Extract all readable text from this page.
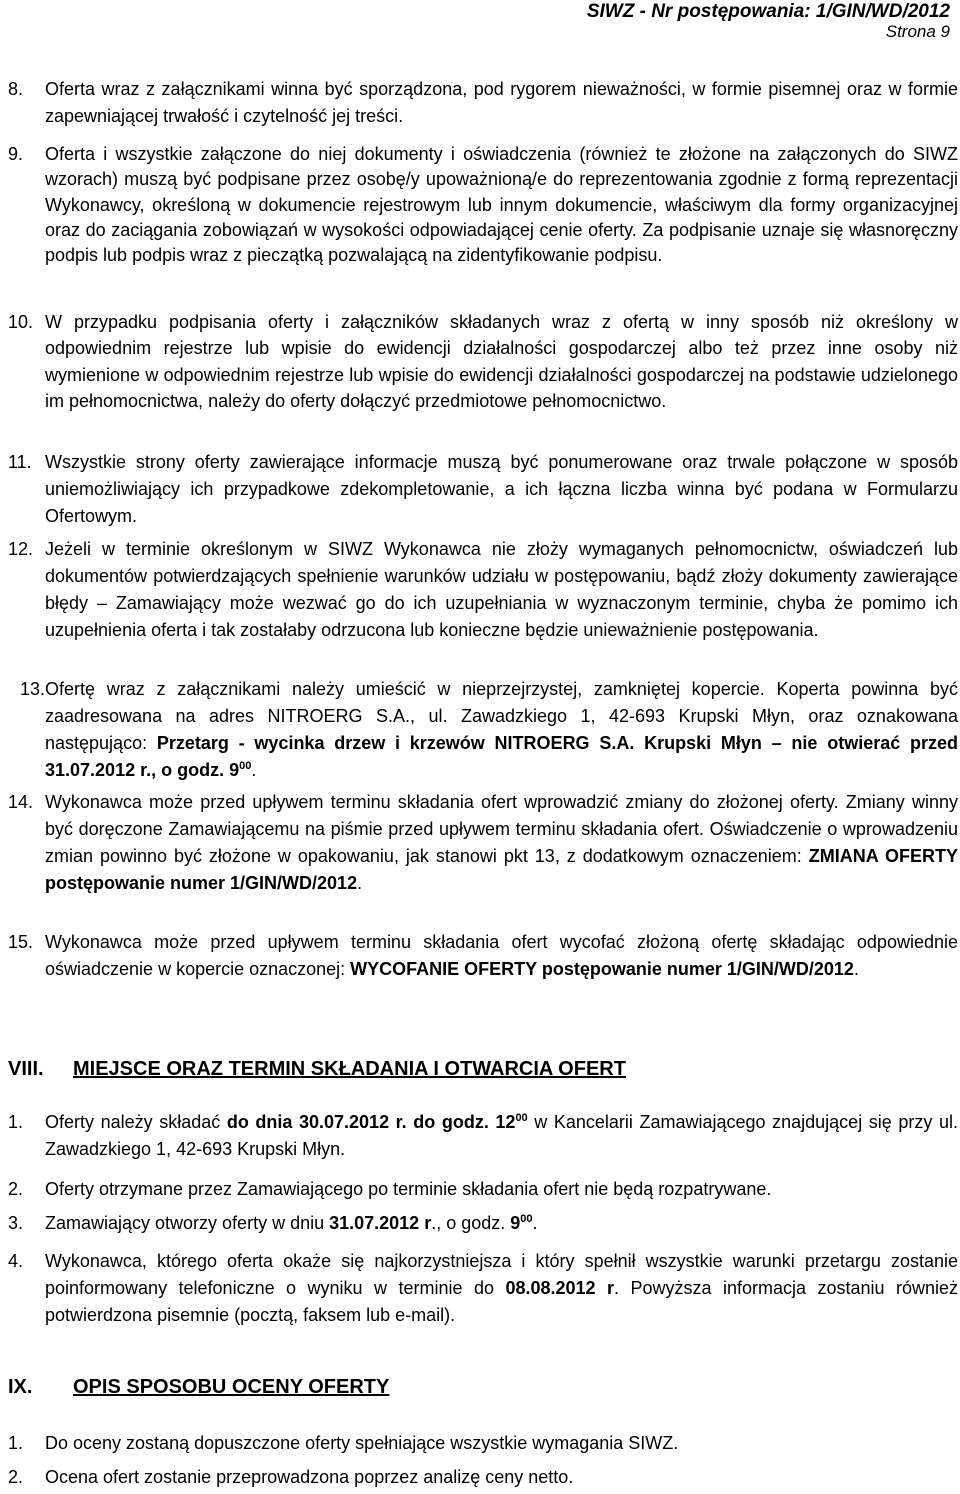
SIWZ - Nr postępowania: 1/GIN/WD/2012
Strona 9
8. Oferta wraz z załącznikami winna być sporządzona, pod rygorem nieważności, w formie pisemnej oraz w formie zapewniającej trwałość i czytelność jej treści.
9. Oferta i wszystkie załączone do niej dokumenty i oświadczenia (również te złożone na załączonych do SIWZ wzorach) muszą być podpisane przez osobę/y upoważnioną/e do reprezentowania zgodnie z formą reprezentacji Wykonawcy, określoną w dokumencie rejestrowym lub innym dokumencie, właściwym dla formy organizacyjnej oraz do zaciągania zobowiązań w wysokości odpowiadającej cenie oferty. Za podpisanie uznaje się własnoręczny podpis lub podpis wraz z pieczątką pozwalającą na zidentyfikowanie podpisu.
10. W przypadku podpisania oferty i załączników składanych wraz z ofertą w inny sposób niż określony w odpowiednim rejestrze lub wpisie do ewidencji działalności gospodarczej albo też przez inne osoby niż wymienione w odpowiednim rejestrze lub wpisie do ewidencji działalności gospodarczej na podstawie udzielonego im pełnomocnictwa, należy do oferty dołączyć przedmiotowe pełnomocnictwo.
11. Wszystkie strony oferty zawierające informacje muszą być ponumerowane oraz trwale połączone w sposób uniemożliwiający ich przypadkowe zdekompletowanie, a ich łączna liczba winna być podana w Formularzu Ofertowym.
12. Jeżeli w terminie określonym w SIWZ Wykonawca nie złoży wymaganych pełnomocnictw, oświadczeń lub dokumentów potwierdzających spełnienie warunków udziału w postępowaniu, bądź złoży dokumenty zawierające błędy – Zamawiający może wezwać go do ich uzupełniania w wyznaczonym terminie, chyba że pomimo ich uzupełnienia oferta i tak zostałaby odrzucona lub konieczne będzie unieważnienie postępowania.
13. Ofertę wraz z załącznikami należy umieścić w nieprzejrzystej, zamkniętej kopercie. Koperta powinna być zaadresowana na adres NITROERG S.A., ul. Zawadzkiego 1, 42-693 Krupski Młyn, oraz oznakowana następująco: Przetarg - wycinka drzew i krzewów NITROERG S.A. Krupski Młyn – nie otwierać przed 31.07.2012 r., o godz. $9^{00}$.
14. Wykonawca może przed upływem terminu składania ofert wprowadzić zmiany do złożonej oferty. Zmiany winny być doręczone Zamawiającemu na piśmie przed upływem terminu składania ofert. Oświadczenie o wprowadzeniu zmian powinno być złożone w opakowaniu, jak stanowi pkt 13, z dodatkowym oznaczeniem: ZMIANA OFERTY postępowanie numer 1/GIN/WD/2012.
15. Wykonawca może przed upływem terminu składania ofert wycofać złożoną ofertę składając odpowiednie oświadczenie w kopercie oznaczonej: WYCOFANIE OFERTY postępowanie numer 1/GIN/WD/2012.
VIII. MIEJSCE ORAZ TERMIN SKŁADANIA I OTWARCIA OFERT
1. Oferty należy składać do dnia 30.07.2012 r. do godz. $12^{00}$ w Kancelarii Zamawiającego znajdującej się przy ul. Zawadzkiego 1, 42-693 Krupski Młyn.
2. Oferty otrzymane przez Zamawiającego po terminie składania ofert nie będą rozpatrywane.
3. Zamawiający otworzy oferty w dniu 31.07.2012 r., o godz. $9^{00}$.
4. Wykonawca, którego oferta okaże się najkorzystniejsza i który spełnił wszystkie warunki przetargu zostanie poinformowany telefoniczne o wyniku w terminie do 08.08.2012 r. Powyższa informacja zostaniu również potwierdzona pisemnie (pocztą, faksem lub e-mail).
IX. OPIS SPOSOBU OCENY OFERTY
1. Do oceny zostaną dopuszczone oferty spełniające wszystkie wymagania SIWZ.
2. Ocena ofert zostanie przeprowadzona poprzez analizę ceny netto.
